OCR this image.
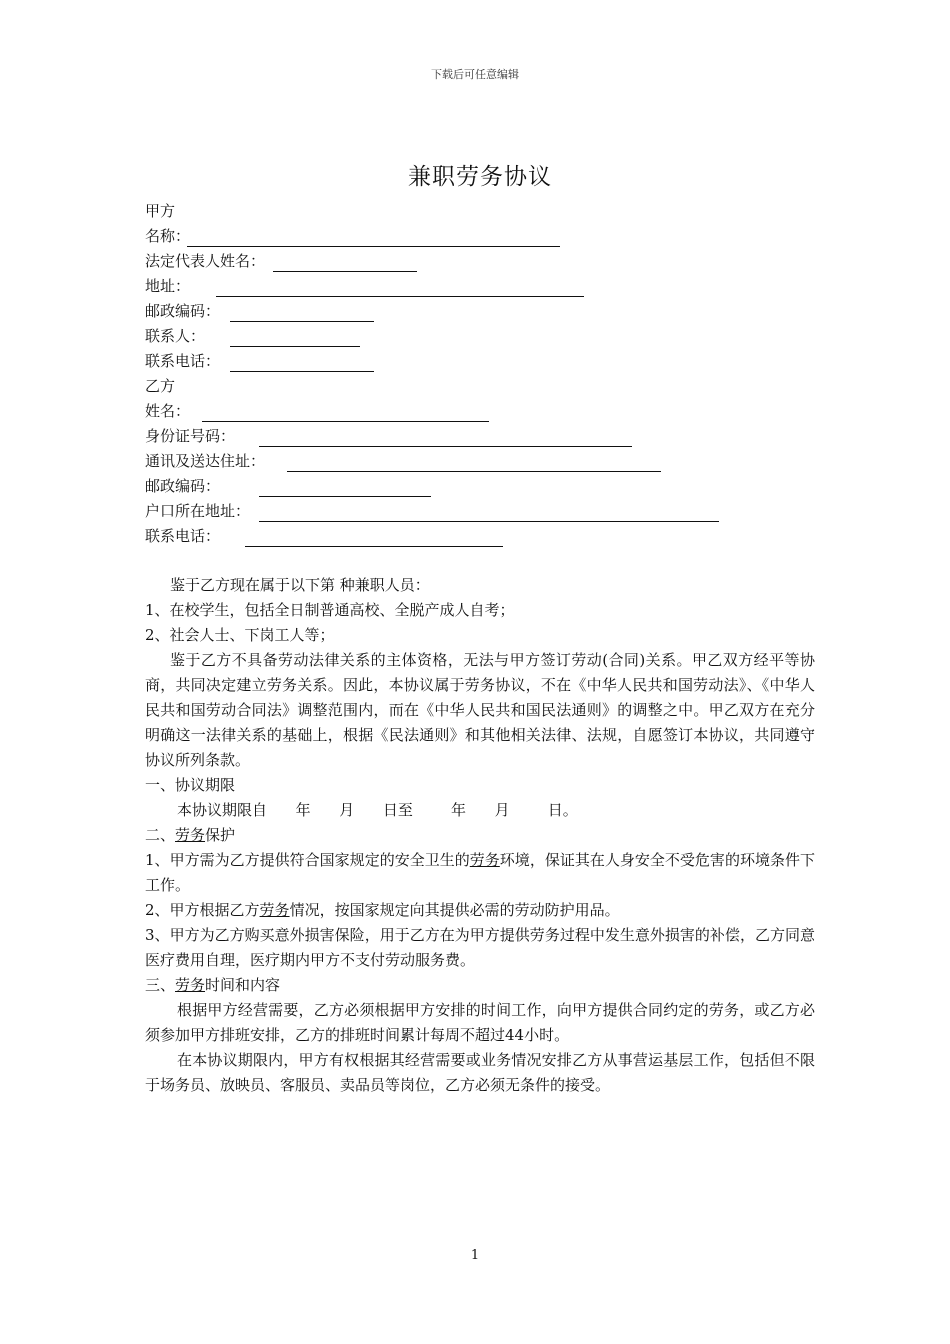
下载后可任意编辑
兼职劳务协议
甲方
名称：
法定代表人姓名：
地址：
邮政编码：
联系人：
联系电话：
乙方
姓名：
身份证号码：
通讯及送达住址：
邮政编码：
户口所在地址：
联系电话：
鉴于乙方现在属于以下第 种兼职人员：
1、在校学生，包括全日制普通高校、全脱产成人自考；
2、社会人士、下岗工人等；
鉴于乙方不具备劳动法律关系的主体资格，无法与甲方签订劳动(合同)关系。甲乙双方经平等协商，共同决定建立劳务关系。因此，本协议属于劳务协议，不在《中华人民共和国劳动法》、《中华人民共和国劳动合同法》调整范围内，而在《中华人民共和国民法通则》的调整之中。甲乙双方在充分明确这一法律关系的基础上，根据《民法通则》和其他相关法律、法规，自愿签订本协议，共同遵守协议所列条款。
一、协议期限
本协议期限自      年      月      日至        年      月        日。
二、劳务保护
1、甲方需为乙方提供符合国家规定的安全卫生的劳务环境，保证其在人身安全不受危害的环境条件下工作。
2、甲方根据乙方劳务情况，按国家规定向其提供必需的劳动防护用品。
3、甲方为乙方购买意外损害保险，用于乙方在为甲方提供劳务过程中发生意外损害的补偿，乙方同意医疗费用自理，医疗期内甲方不支付劳动服务费。
三、劳务时间和内容
根据甲方经营需要，乙方必须根据甲方安排的时间工作，向甲方提供合同约定的劳务，或乙方必须参加甲方排班安排，乙方的排班时间累计每周不超过44小时。
在本协议期限内，甲方有权根据其经营需要或业务情况安排乙方从事营运基层工作，包括但不限于场务员、放映员、客服员、卖品员等岗位，乙方必须无条件的接受。
1
